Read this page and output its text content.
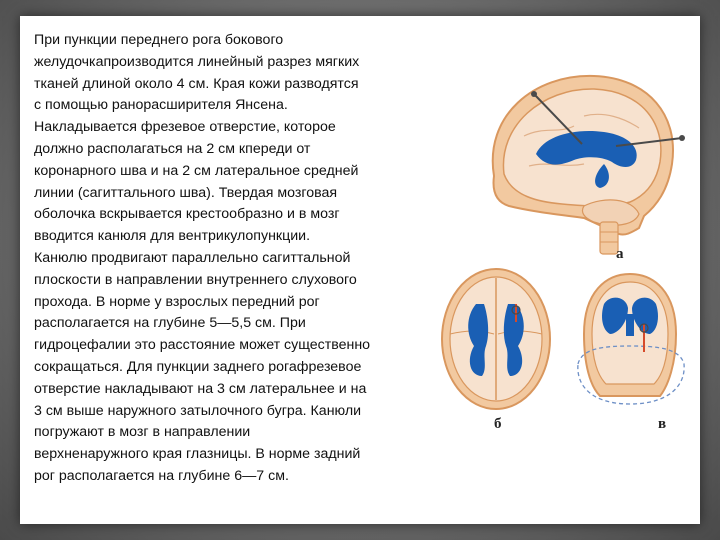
При пункции переднего рога бокового
желудочкапроизводится линейный разрез мягких
тканей длиной около 4 см. Края кожи разводятся
с помощью ранорасширителя Янсена.
Накладывается фрезевое отверстие, которое
должно располагаться на 2 см кпереди от
коронарного шва и на 2 см латеральное средней
линии (сагиттального шва). Твердая мозговая
оболочка вскрывается крестообразно и в мозг
вводится канюля для вентрикулопункции.
Канюлю продвигают параллельно сагиттальной
плоскости в направлении внутреннего слухового
прохода. В норме у взрослых передний рог
располагается на глубине 5—5,5 см. При
гидроцефалии это расстояние может существенно
сокращаться. Для пункции заднего рогафрезевое
отверстие накладывают на 3 см латеральнее и на
3 см выше наружного затылочного бугра. Канюли
погружают в мозг в направлении
верхненаружного края глазницы. В норме задний
рог располагается на глубине 6—7 см.
а
б	в
